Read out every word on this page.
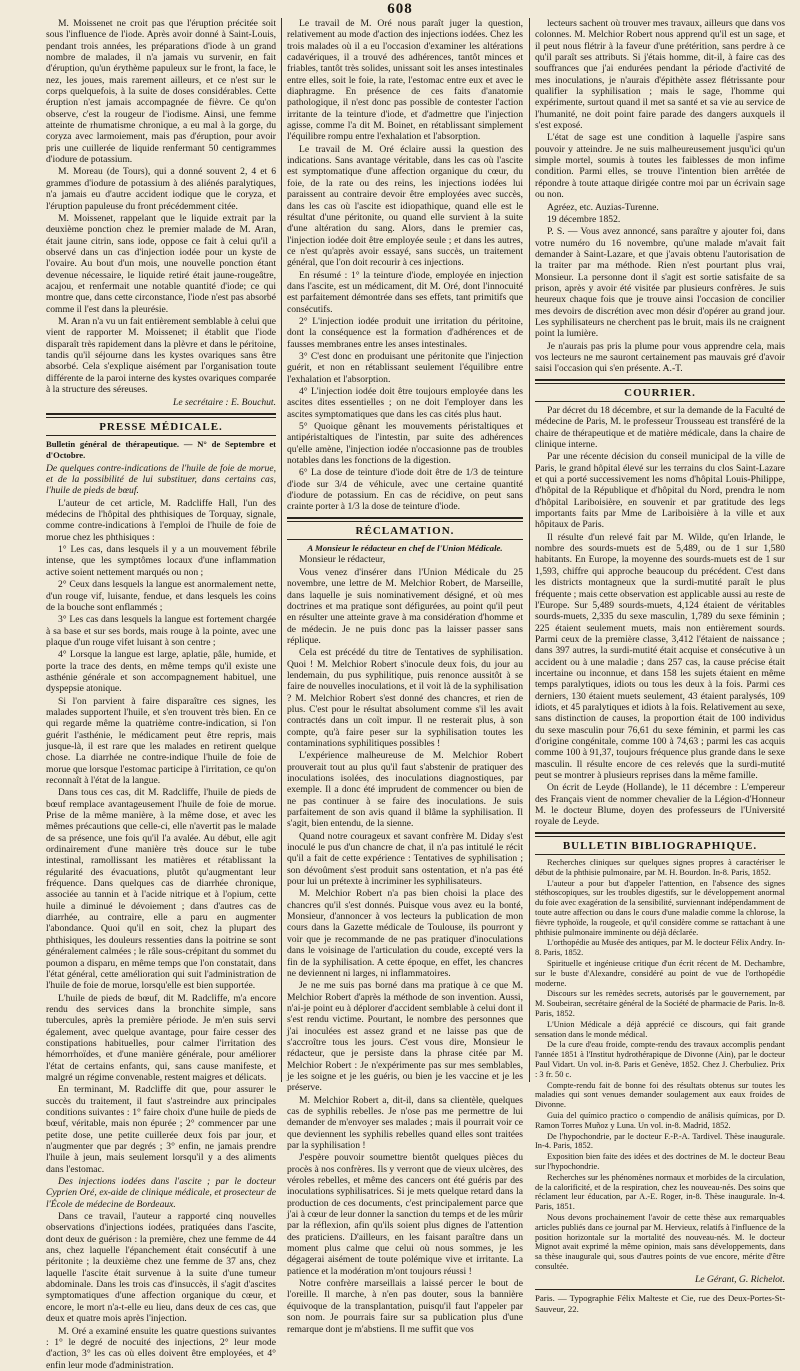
608

M. Moissenet ne croit pas que l'éruption précitée soit sous l'influence de l'iode. Après avoir donné à Saint-Louis, pendant trois années, les préparations d'iode à un grand nombre de malades, il n'a jamais vu survenir, en fait d'éruption, qu'un érythème papuleux sur le front, la face, le nez, les joues, mais rarement ailleurs, et ce n'est sur le corps quelquefois, à la suite de doses considérables. Cette éruption n'est jamais accompagnée de fièvre. Ce qu'on observe, c'est la rougeur de l'iodisme. Ainsi, une femme atteinte de rhumatisme chronique, a eu mal à la gorge, du coryza avec larmoiement, mais pas d'éruption, pour avoir pris une cuillerée de liquide renfermant 50 centigrammes d'iodure de potassium.

M. Moreau (de Tours), qui a donné souvent 2, 4 et 6 grammes d'iodure de potassium à des aliénés paralytiques, n'a jamais eu d'autre accident iodique que le coryza, et l'éruption papuleuse du front précédemment citée.

M. Moissenet, rappelant que le liquide extrait par la deuxième ponction chez le premier malade de M. Aran, était jaune citrin, sans iode, oppose ce fait à celui qu'il a observé dans un cas d'injection iodée pour un kyste de l'ovaire. Au bout d'un mois, une nouvelle ponction étant devenue nécessaire, le liquide retiré était jaune-rougeâtre, acajou, et renfermait une notable quantité d'iode; ce qui montre que, dans cette circonstance, l'iode n'est pas absorbé comme il l'est dans la pleurésie.

M. Aran n'a vu un fait entièrement semblable à celui que vient de rapporter M. Moissenet; il établit que l'iode disparaît très rapidement dans la plèvre et dans le péritoine, tandis qu'il séjourne dans les kystes ovariques sans être absorbé. Cela s'explique aisément par l'organisation toute différente de la paroi interne des kystes ovariques comparée à la structure des séreuses.

Le secrétaire : E. Bouchut.
PRESSE MÉDICALE.

Bulletin général de thérapeutique. — N° de Septembre et d'Octobre.

De quelques contre-indications de l'huile de foie de morue, et de la possibilité de lui substituer, dans certains cas, l'huile de pieds de bœuf.

L'auteur de cet article, M. Radcliffe Hall, l'un des médecins de l'hôpital des phthisiques de Torquay, signale, comme contre-indications à l'emploi de l'huile de foie de morue chez les phthisiques :

1° Les cas, dans lesquels il y a un mouvement fébrile intense, que les symptômes locaux d'une inflammation active soient nettement marqués ou non ;

2° Ceux dans lesquels la langue est anormalement nette, d'un rouge vif, luisante, fendue, et dans lesquels les coins de la bouche sont enflammés ;

3° Les cas dans lesquels la langue est fortement chargée à sa base et sur ses bords, mais rouge à la pointe, avec une plaque d'un rouge vifet luisant à son centre ;

4° Lorsque la langue est large, aplatie, pâle, humide, et porte la trace des dents, en même temps qu'il existe une asthénie générale et son accompagnement habituel, une dyspepsie atonique.

Si l'on parvient à faire disparaître ces signes, les malades supportent l'huile, et s'en trouvent très bien. En ce qui regarde même la quatrième contre-indication, si l'on guérit l'asthénie, le médicament peut être repris, mais jusque-là, il est rare que les malades en retirent quelque chose. La diarrhée ne contre-indique l'huile de foie de morue que lorsque l'estomac participe à l'irritation, ce qu'on reconnaît à l'état de la langue.

Dans tous ces cas, dit M. Radcliffe, l'huile de pieds de bœuf remplace avantageusement l'huile de foie de morue. Prise de la même manière, à la même dose, et avec les mêmes précautions que celle-ci, elle n'avertit pas le malade de sa présence, une fois qu'il l'a avalée. Au début, elle agit ordinairement d'une manière très douce sur le tube intestinal, ramollissant les matières et rétablissant la régularité des évacuations, plutôt qu'augmentant leur fréquence. Dans quelques cas de diarrhée chronique, associée au tannin et à l'acide nitrique et à l'opium, cette huile a diminué le dévoiement ; dans d'autres cas de diarrhée, au contraire, elle a paru en augmenter l'abondance. Quoi qu'il en soit, chez la plupart des phthisiques, les douleurs ressenties dans la poitrine se sont généralement calmées ; le râle sous-crépitant du sommet du poumon a disparu, en même temps que l'on constatait, dans l'état général, cette amélioration qui suit l'administration de l'huile de foie de morue, lorsqu'elle est bien supportée.

L'huile de pieds de bœuf, dit M. Radcliffe, m'a encore rendu des services dans la bronchite simple, sans tubercules, après la première période. Je m'en suis servi également, avec quelque avantage, pour faire cesser des constipations habituelles, pour calmer l'irritation des hémorrhoïdes, et d'une manière générale, pour améliorer l'état de certains enfants, qui, sans cause manifeste, et malgré un régime convenable, restent maigres et délicats.

En terminant, M. Radcliffe dit que, pour assurer le succès du traitement, il faut s'astreindre aux principales conditions suivantes : 1° faire choix d'une huile de pieds de bœuf, véritable, mais non épurée ; 2° commencer par une petite dose, une petite cuillerée deux fois par jour, et n'augmenter que par degrés ; 3° enfin, ne jamais prendre l'huile à jeun, mais seulement lorsqu'il y a des aliments dans l'estomac.

Des injections iodées dans l'ascite ; par le docteur Cyprien Oré, ex-aide de clinique médicale, et prosecteur de l'École de médecine de Bordeaux.

Dans ce travail, l'auteur a rapporté cinq nouvelles observations d'injections iodées, pratiquées dans l'ascite, dont deux de guérison : la première, chez une femme de 44 ans, chez laquelle l'épanchement était consécutif à une péritonite ; la deuxième chez une femme de 37 ans, chez laquelle l'ascite était survenue à la suite d'une tumeur abdominale. Dans les trois cas d'insuccès, il s'agit d'ascites symptomatiques d'une affection organique du cœur, et encore, le mort n'a-t-elle eu lieu, dans deux de ces cas, que deux et quatre mois après l'injection.

M. Oré a examiné ensuite les quatre questions suivantes : 1° le degré de nocuité des injections, 2° leur mode d'action, 3° les cas où elles doivent être employées, et 4° enfin leur mode d'administration.

Le travail de M. Oré nous paraît juger la question, relativement au mode d'action des injections iodées. Chez les trois malades où il a eu l'occasion d'examiner les altérations cadavériques, il a trouvé des adhérences, tantôt minces et friables, tantôt très solides, unissant soit les anses intestinales entre elles, soit le foie, la rate, l'estomac entre eux et avec le diaphragme. En présence de ces faits d'anatomie pathologique, il n'est donc pas possible de contester l'action irritante de la teinture d'iode, et d'admettre que l'injection agisse, comme l'a dit M. Boinet, en rétablissant simplement l'équilibre rompu entre l'exhalation et l'absorption.

Le travail de M. Oré éclaire aussi la question des indications. Sans avantage véritable, dans les cas où l'ascite est symptomatique d'une affection organique du cœur, du foie, de la rate ou des reins, les injections iodées lui paraissent au contraire devoir être employées avec succès, dans les cas où l'ascite est idiopathique, quand elle est le résultat d'une péritonite, ou quand elle survient à la suite d'une altération du sang. Alors, dans le premier cas, l'injection iodée doit être employée seule ; et dans les autres, ce n'est qu'après avoir essayé, sans succès, un traitement général, que l'on doit recourir à ces injections.

En résumé : 1° la teinture d'iode, employée en injection dans l'ascite, est un médicament, dit M. Oré, dont l'innocuité est parfaitement démontrée dans ses effets, tant primitifs que consécutifs.

2° L'injection iodée produit une irritation du péritoine, dont la conséquence est la formation d'adhérences et de fausses membranes entre les anses intestinales.

3° C'est donc en produisant une péritonite que l'injection guérit, et non en rétablissant seulement l'équilibre entre l'exhalation et l'absorption.

4° L'injection iodée doit être toujours employée dans les ascites dites essentielles ; on ne doit l'employer dans les ascites symptomatiques que dans les cas cités plus haut.

5° Quoique gênant les mouvements péristaltiques et antipéristaltiques de l'intestin, par suite des adhérences qu'elle amène, l'injection iodée n'occasionne pas de troubles notables dans les fonctions de la digestion.

6° La dose de teinture d'iode doit être de 1/3 de teinture d'iode sur 3/4 de véhicule, avec une certaine quantité d'iodure de potassium. En cas de récidive, on peut sans crainte porter à 1/3 la dose de teinture d'iode.

RÉCLAMATION.
A Monsieur le rédacteur en chef de l'Union Médicale.

Monsieur le rédacteur,

Vous venez d'insérer dans l'Union Médicale du 25 novembre, une lettre de M. Melchior Robert, de Marseille, dans laquelle je suis nominativement désigné, et où mes doctrines et ma pratique sont défigurées, au point qu'il peut en résulter une atteinte grave à ma considération d'homme et de médecin. Je ne puis donc pas la laisser passer sans réplique.

Cela est précédé du titre de Tentatives de syphilisation. Quoi ! M. Melchior Robert s'inocule deux fois, du jour au lendemain, du pus syphilitique, puis renonce aussitôt à se faire de nouvelles inoculations, et il voit là de la syphilisation ? M. Melchior Robert s'est donné des chancres, et rien de plus. C'est pour le résultat absolument comme s'il les avait contractés dans un coït impur. Il ne resterait plus, à son compte, qu'à faire peser sur la syphilisation toutes les contaminations syphilitiques possibles !

L'expérience malheureuse de M. Melchior Robert prouverait tout au plus qu'il faut s'abstenir de pratiquer des inoculations isolées, des inoculations diagnostiques, par exemple. Il a donc été imprudent de commencer ou bien de ne pas continuer à se faire des inoculations. Je suis parfaitement de son avis quand il blâme la syphilisation. Il s'agit, bien entendu, de la sienne.

Quand notre courageux et savant confrère M. Diday s'est inoculé le pus d'un chancre de chat, il n'a pas intitulé le récit qu'il a fait de cette expérience : Tentatives de syphilisation ; son dévoûment s'est produit sans ostentation, et n'a pas été pour lui un prétexte à incriminer les syphilisateurs.

M. Melchior Robert n'a pas bien choisi la place des chancres qu'il s'est donnés. Puisque vous avez eu la bonté, Monsieur, d'annoncer à vos lecteurs la publication de mon cours dans la Gazette médicale de Toulouse, ils pourront y voir que je recommande de ne pas pratiquer d'inoculations dans le voisinage de l'articulation du coude, excepté vers la fin de la syphilisation. A cette époque, en effet, les chancres ne deviennent ni larges, ni inflammatoires.

Je ne me suis pas borné dans ma pratique à ce que M. Melchior Robert d'après la méthode de son invention. Aussi, n'ai-je point eu à déplorer d'accident semblable à celui dont il s'est rendu victime. Pourtant, le nombre des personnes que j'ai inoculées est assez grand et ne laisse pas que de s'accroître tous les jours. C'est vous dire, Monsieur le rédacteur, que je persiste dans la phrase citée par M. Melchior Robert : Je n'expérimente pas sur mes semblables, je les soigne et je les guéris, ou bien je les vaccine et je les préserve.

M. Melchior Robert a, dit-il, dans sa clientèle, quelques cas de syphilis rebelles. Je n'ose pas me permettre de lui demander de m'envoyer ses malades ; mais il pourrait voir ce que deviennent les syphilis rebelles quand elles sont traitées par la syphilisation !

J'espère pouvoir soumettre bientôt quelques pièces du procès à nos confrères. Ils y verront que de vieux ulcères, des véroles rebelles, et même des cancers ont été guéris par des inoculations syphilisatrices. Si je mets quelque retard dans la production de ces documents, c'est principalement parce que j'ai à cœur de leur donner la sanction du temps et de les mûrir par la réflexion, afin qu'ils soient plus dignes de l'attention des praticiens. D'ailleurs, en les faisant paraître dans un moment plus calme que celui où nous sommes, je les dégagerai aisément de toute polémique vive et irritante. La patience et la modération m'ont toujours réussi !

Notre confrère marseillais a laissé percer le bout de l'oreille. Il marche, à n'en pas douter, sous la bannière équivoque de la transplantation, puisqu'il faut l'appeler par son nom. Je pourrais faire sur sa publication plus d'une remarque dont je m'abstiens. Il me suffit que vos

lecteurs sachent où trouver mes travaux, ailleurs que dans vos colonnes. M. Melchior Robert nous apprend qu'il est un sage, et il peut nous flétrir à la faveur d'une prétérition, sans perdre à ce qu'il paraît ses attributs. Si j'étais homme, dit-il, à faire cas des souffrances que j'ai endurées pendant la période d'activité de mes inoculations, je n'aurais d'épithète assez flétrissante pour qualifier la syphilisation ; mais le sage, l'homme qui expérimente, surtout quand il met sa santé et sa vie au service de l'humanité, ne doit point faire parade des dangers auxquels il s'est exposé.

L'état de sage est une condition à laquelle j'aspire sans pouvoir y atteindre. Je ne suis malheureusement jusqu'ici qu'un simple mortel, soumis à toutes les faiblesses de mon infime condition. Parmi elles, se trouve l'intention bien arrêtée de répondre à toute attaque dirigée contre moi par un écrivain sage ou non.

Agréez, etc. Auzias-Turenne.

19 décembre 1852.

P. S. — Vous avez annoncé, sans paraître y ajouter foi, dans votre numéro du 16 novembre, qu'une malade m'avait fait demander à Saint-Lazare, et que j'avais obtenu l'autorisation de la traiter par ma méthode. Rien n'est pourtant plus vrai, Monsieur. La personne dont il s'agit est sortie satisfaite de sa prison, après y avoir été visitée par plusieurs confrères. Je suis heureux chaque fois que je trouve ainsi l'occasion de concilier mes devoirs de discrétion avec mon désir d'opérer au grand jour. Les syphilisateurs ne cherchent pas le bruit, mais ils ne craignent point la lumière.

Je n'aurais pas pris la plume pour vous apprendre cela, mais vos lecteurs ne me sauront certainement pas mauvais gré d'avoir saisi l'occasion qui s'en présente. A.-T.

COURRIER.

Par décret du 18 décembre, et sur la demande de la Faculté de médecine de Paris, M. le professeur Trousseau est transféré de la chaire de thérapeutique et de matière médicale, dans la chaire de clinique interne.

Par une récente décision du conseil municipal de la ville de Paris, le grand hôpital élevé sur les terrains du clos Saint-Lazare et qui a porté successivement les noms d'hôpital Louis-Philippe, d'hôpital de la République et d'hôpital du Nord, prendra le nom d'hôpital Lariboisière, en souvenir et par gratitude des legs importants faits par Mme de Lariboisière à la ville et aux hôpitaux de Paris.

Il résulte d'un relevé fait par M. Wilde, qu'en Irlande, le nombre des sourds-muets est de 5,489, ou de 1 sur 1,580 habitants. En Europe, la moyenne des sourds-muets est de 1 sur 1,593, chiffre qui approche beaucoup du précédent. C'est dans les districts montagneux que la surdi-mutité paraît le plus fréquente ; mais cette observation est applicable aussi au reste de l'Europe. Sur 5,489 sourds-muets, 4,124 étaient de véritables sourds-muets, 2,335 du sexe masculin, 1,789 du sexe féminin ; 225 étaient seulement muets, mais non entièrement sourds. Parmi ceux de la première classe, 3,412 l'étaient de naissance ; dans 397 autres, la surdi-mutité était acquise et consécutive à un accident ou à une maladie ; dans 257 cas, la cause précise était incertaine ou inconnue, et dans 158 les sujets étaient en même temps paralytiques, idiots ou tous les deux à la fois. Parmi ces derniers, 130 étaient muets seulement, 43 étaient paralysés, 109 idiots, et 45 paralytiques et idiots à la fois. Relativement au sexe, sans distinction de causes, la proportion était de 100 individus du sexe masculin pour 76,61 du sexe féminin, et parmi les cas d'origine congénitale, comme 100 à 74,63 ; parmi les cas acquis comme 100 à 91,37, toujours fréquence plus grande dans le sexe masculin. Il résulte encore de ces relevés que la surdi-mutité peut se montrer à plusieurs reprises dans la même famille.

On écrit de Leyde (Hollande), le 11 décembre : L'empereur des Français vient de nommer chevalier de la Légion-d'Honneur M. le docteur Blume, doyen des professeurs de l'Université royale de Leyde.

BULLETIN BIBLIOGRAPHIQUE.

Recherches cliniques sur quelques signes propres à caractériser le début de la phthisie pulmonaire, par M. H. Bourdon. In-8. Paris, 1852.

L'auteur a pour but d'appeler l'attention, en l'absence des signes stéthoscopiques, sur les troubles digestifs, sur le développement anormal du foie avec exagération de la sensibilité, surviennant indépendamment de toute autre affection ou dans le cours d'une maladie comme la chlorose, la fièvre typhoïde, la rougeole, et qu'il considère comme se rattachant à une phthisie pulmonaire imminente ou déjà déclarée.

L'orthopédie au Musée des antiques, par M. le docteur Félix Andry. In-8. Paris, 1852.

Spirituelle et ingénieuse critique d'un écrit récent de M. Dechambre, sur le buste d'Alexandre, considéré au point de vue de l'orthopédie moderne.

Discours sur les remèdes secrets, autorisés par le gouvernement, par M. Soubeiran, secrétaire général de la Société de pharmacie de Paris. In-8. Paris, 1852.

L'Union Médicale a déjà apprécié ce discours, qui fait grande sensation dans le monde médical.

De la cure d'eau froide, compte-rendu des travaux accomplis pendant l'année 1851 à l'Institut hydrothérapique de Divonne (Ain), par le docteur Paul Vidart. Un vol. in-8. Paris et Genève, 1852. Chez J. Cherbuliez. Prix : 3 fr. 50 c.

Compte-rendu fait de bonne foi des résultats obtenus sur toutes les maladies qui sont venues demander soulagement aux eaux froides de Divonne.

Guia del químico practico o compendio de análisis químicas, por D. Ramon Torres Muñoz y Luna. Un vol. in-8. Madrid, 1852.

De l'hypochondrie, par le docteur F.-P.-A. Tardivel. Thèse inaugurale. In-4. Paris, 1852.

Exposition bien faite des idées et des doctrines de M. le docteur Beau sur l'hypochondrie.

Recherches sur les phénomènes normaux et morbides de la circulation, de la calorificité, et de la respiration, chez les nouveau-nés. Des soins que réclament leur éducation, par A.-E. Roger, in-8. Thèse inaugurale. In-4. Paris, 1851.

Nous devons prochainement l'avoir de cette thèse aux remarquables articles publiés dans ce journal par M. Hervieux, relatifs à l'influence de la position horizontale sur la mortalité des nouveau-nés. M. le docteur Mignot avait exprimé la même opinion, mais sans développements, dans sa thèse inaugurale qui, sous d'autres points de vue encore, mérite d'être consultée.

Le Gérant, G. Richelot.
Paris. — Typographie Félix Malteste et Cie, rue des Deux-Portes-St-Sauveur, 22.
